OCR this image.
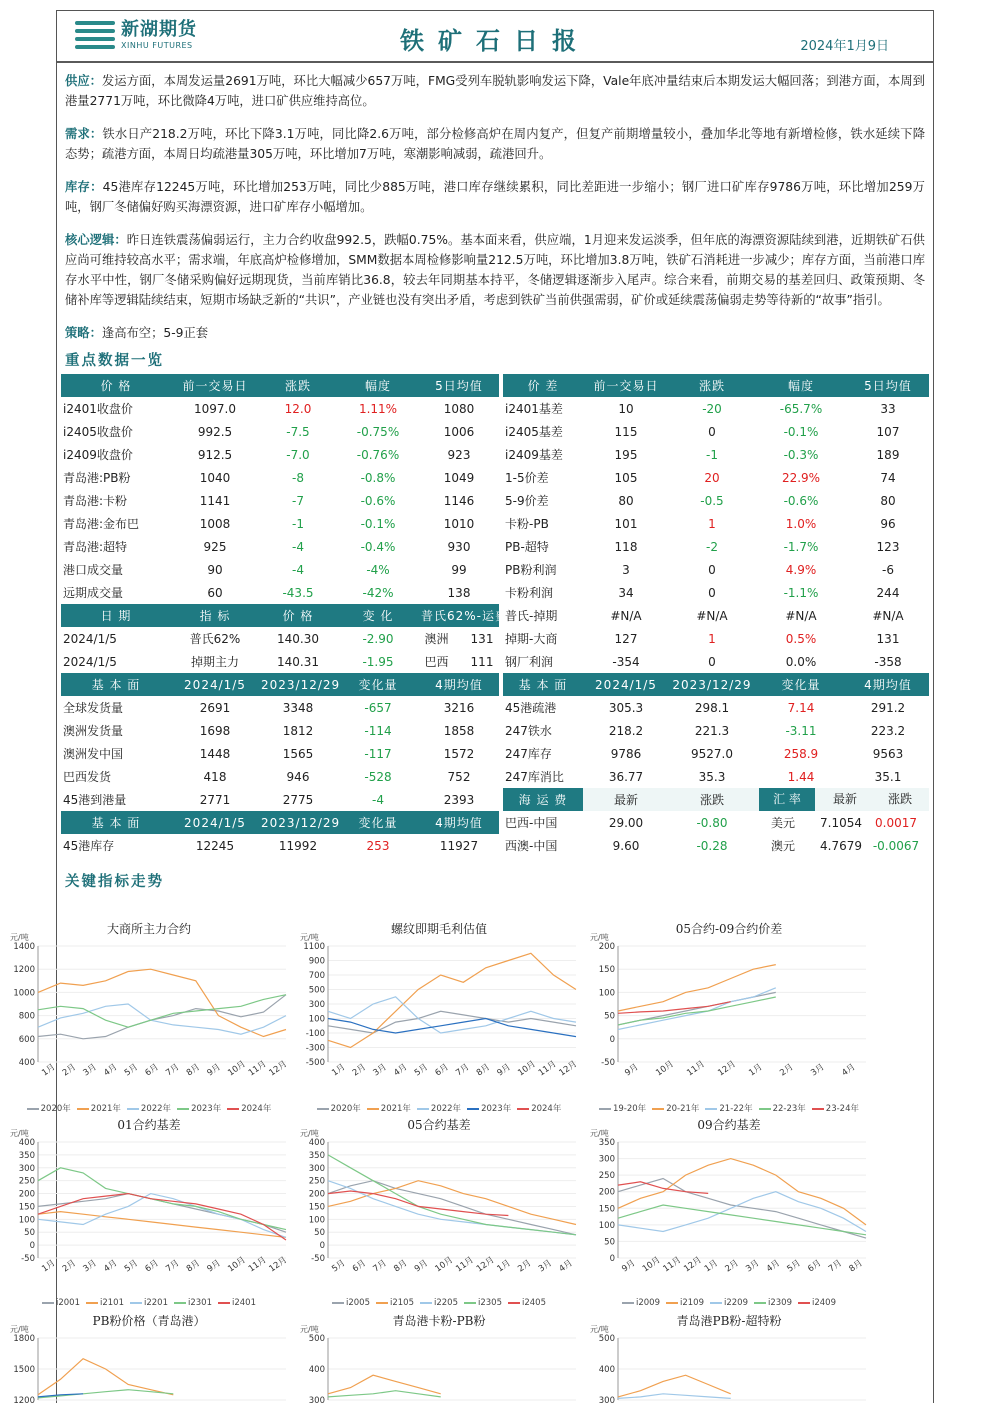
新湖期货
XINHU FUTURES	铁矿石日报	2024年1月9日
供应：发运方面，本周发运量2691万吨，环比大幅减少657万吨，FMG受列车脱轨影响发运下降，Vale年底冲量结束后本期发运大幅回落；到港方面，本周到港量2771万吨，环比微降4万吨，进口矿供应维持高位。
需求：铁水日产218.2万吨，环比下降3.1万吨，同比降2.6万吨，部分检修高炉在周内复产，但复产前期增量较小，叠加华北等地有新增检修，铁水延续下降态势；疏港方面，本周日均疏港量305万吨，环比增加7万吨，寒潮影响减弱，疏港回升。
库存：45港库存12245万吨，环比增加253万吨，同比少885万吨，港口库存继续累积，同比差距进一步缩小；钢厂进口矿库存9786万吨，环比增加259万吨，钢厂冬储偏好购买海漂资源，进口矿库存小幅增加。
核心逻辑：昨日连铁震荡偏弱运行，主力合约收盘992.5，跌幅0.75%。基本面来看，供应端，1月迎来发运淡季，但年底的海漂资源陆续到港，近期铁矿石供应尚可维持较高水平；需求端，年底高炉检修增加，SMM数据本周检修影响量212.5万吨，环比增加3.8万吨，铁矿石消耗进一步减少；库存方面，当前港口库存水平中性，钢厂冬储采购偏好远期现货，当前库销比36.8，较去年同期基本持平，冬储逻辑逐渐步入尾声。综合来看，前期交易的基差回归、政策预期、冬储补库等逻辑陆续结束，短期市场缺乏新的“共识”，产业链也没有突出矛盾，考虑到铁矿当前供强需弱，矿价或延续震荡偏弱走势等待新的“故事”指引。
策略：逢高布空；5-9正套
重点数据一览
价 格	前一交易日	涨跌	幅度	5日均值
i2401收盘价	1097.0	12.0	1.11%	1080
i2405收盘价	992.5	-7.5	-0.75%	1006
i2409收盘价	912.5	-7.0	-0.76%	923
青岛港:PB粉	1040	-8	-0.8%	1049
青岛港:卡粉	1141	-7	-0.6%	1146
青岛港:金布巴	1008	-1	-0.1%	1010
青岛港:超特	925	-4	-0.4%	930
港口成交量	90	-4	-4%	99
远期成交量	60	-43.5	-42%	138
日 期	指 标	价 格	变 化	普氏62%-运费
2024/1/5	普氏62%	140.30	-2.90	澳洲 131
2024/1/5	掉期主力	140.31	-1.95	巴西 111
基 本 面	2024/1/5	2023/12/29	变化量	4期均值
全球发货量	2691	3348	-657	3216
澳洲发货量	1698	1812	-114	1858
澳洲发中国	1448	1565	-117	1572
巴西发货	418	946	-528	752
45港到港量	2771	2775	-4	2393
基 本 面	2024/1/5	2023/12/29	变化量	4期均值
45港库存	12245	11992	253	11927
价 差	前一交易日	涨跌	幅度	5日均值
i2401基差	10	-20	-65.7%	33
i2405基差	115	0	-0.1%	107
i2409基差	195	-1	-0.3%	189
1-5价差	105	20	22.9%	74
5-9价差	80	-0.5	-0.6%	80
卡粉-PB	101	1	1.0%	96
PB-超特	118	-2	-1.7%	123
PB粉利润	3	0	4.9%	-6
卡粉利润	34	0	-1.1%	244
普氏-掉期	#N/A	#N/A	#N/A	#N/A
掉期-大商	127	1	0.5%	131
钢厂利润	-354	0	0.0%	-358
基 本 面	2024/1/5	2023/12/29	变化量	4期均值
45港疏港	305.3	298.1	7.14	291.2
247铁水	218.2	221.3	-3.11	223.2
247库存	9786	9527.0	258.9	9563
247库消比	36.77	35.3	1.44	35.1
海 运 费	最新	涨跌	汇 率 最新 涨跌	
巴西-中国	29.00	-0.80	美元 7.1054 0.0017	
西澳-中国	9.60	-0.28	澳元 4.7679 -0.0067	
关键指标走势
大商所主力合约
元/吨
1400
1200
1000
800
600
400 1月 2月 3月 4月 5月 6月 7月 8月 9月 10月 11月 12月
2020年 2021年 2022年 2023年 2024年
螺纹即期毛利估值
元/吨
1100
900
700
500
300
100
-100
-300
-500 1月 2月 3月 4月 5月 6月 7月 8月 9月 10月 11月 12月
2020年 2021年 2022年 2023年 2024年
05合约-09合约价差
元/吨
200
150
100
50
0
-50 9月 10月 11月 12月 1月 2月 3月 4月
19-20年 20-21年 21-22年 22-23年 23-24年
01合约基差
元/吨
400
350
300
250
200
150
100
50
0
-50 1月 2月 3月 4月 5月 6月 7月 8月 9月 10月 11月 12月
i2001 i2101 i2201 i2301 i2401
05合约基差
元/吨
400
350
300
250
200
150
100
50
0
-50 5月 6月 7月 8月 9月 10月 11月 12月 1月 2月 3月 4月
i2005 i2105 i2205 i2305 i2405
09合约基差
元/吨
350
300
250
200
150
100
50
0 9月 10月 11月 12月 1月 2月 3月 4月 5月 6月 7月 8月
i2009 i2109 i2209 i2309 i2409
PB粉价格（青岛港）
元/吨
1800
1500
1200
青岛港卡粉-PB粉
元/吨
500
400
300
青岛港PB粉-超特粉
元/吨
500
400
300
